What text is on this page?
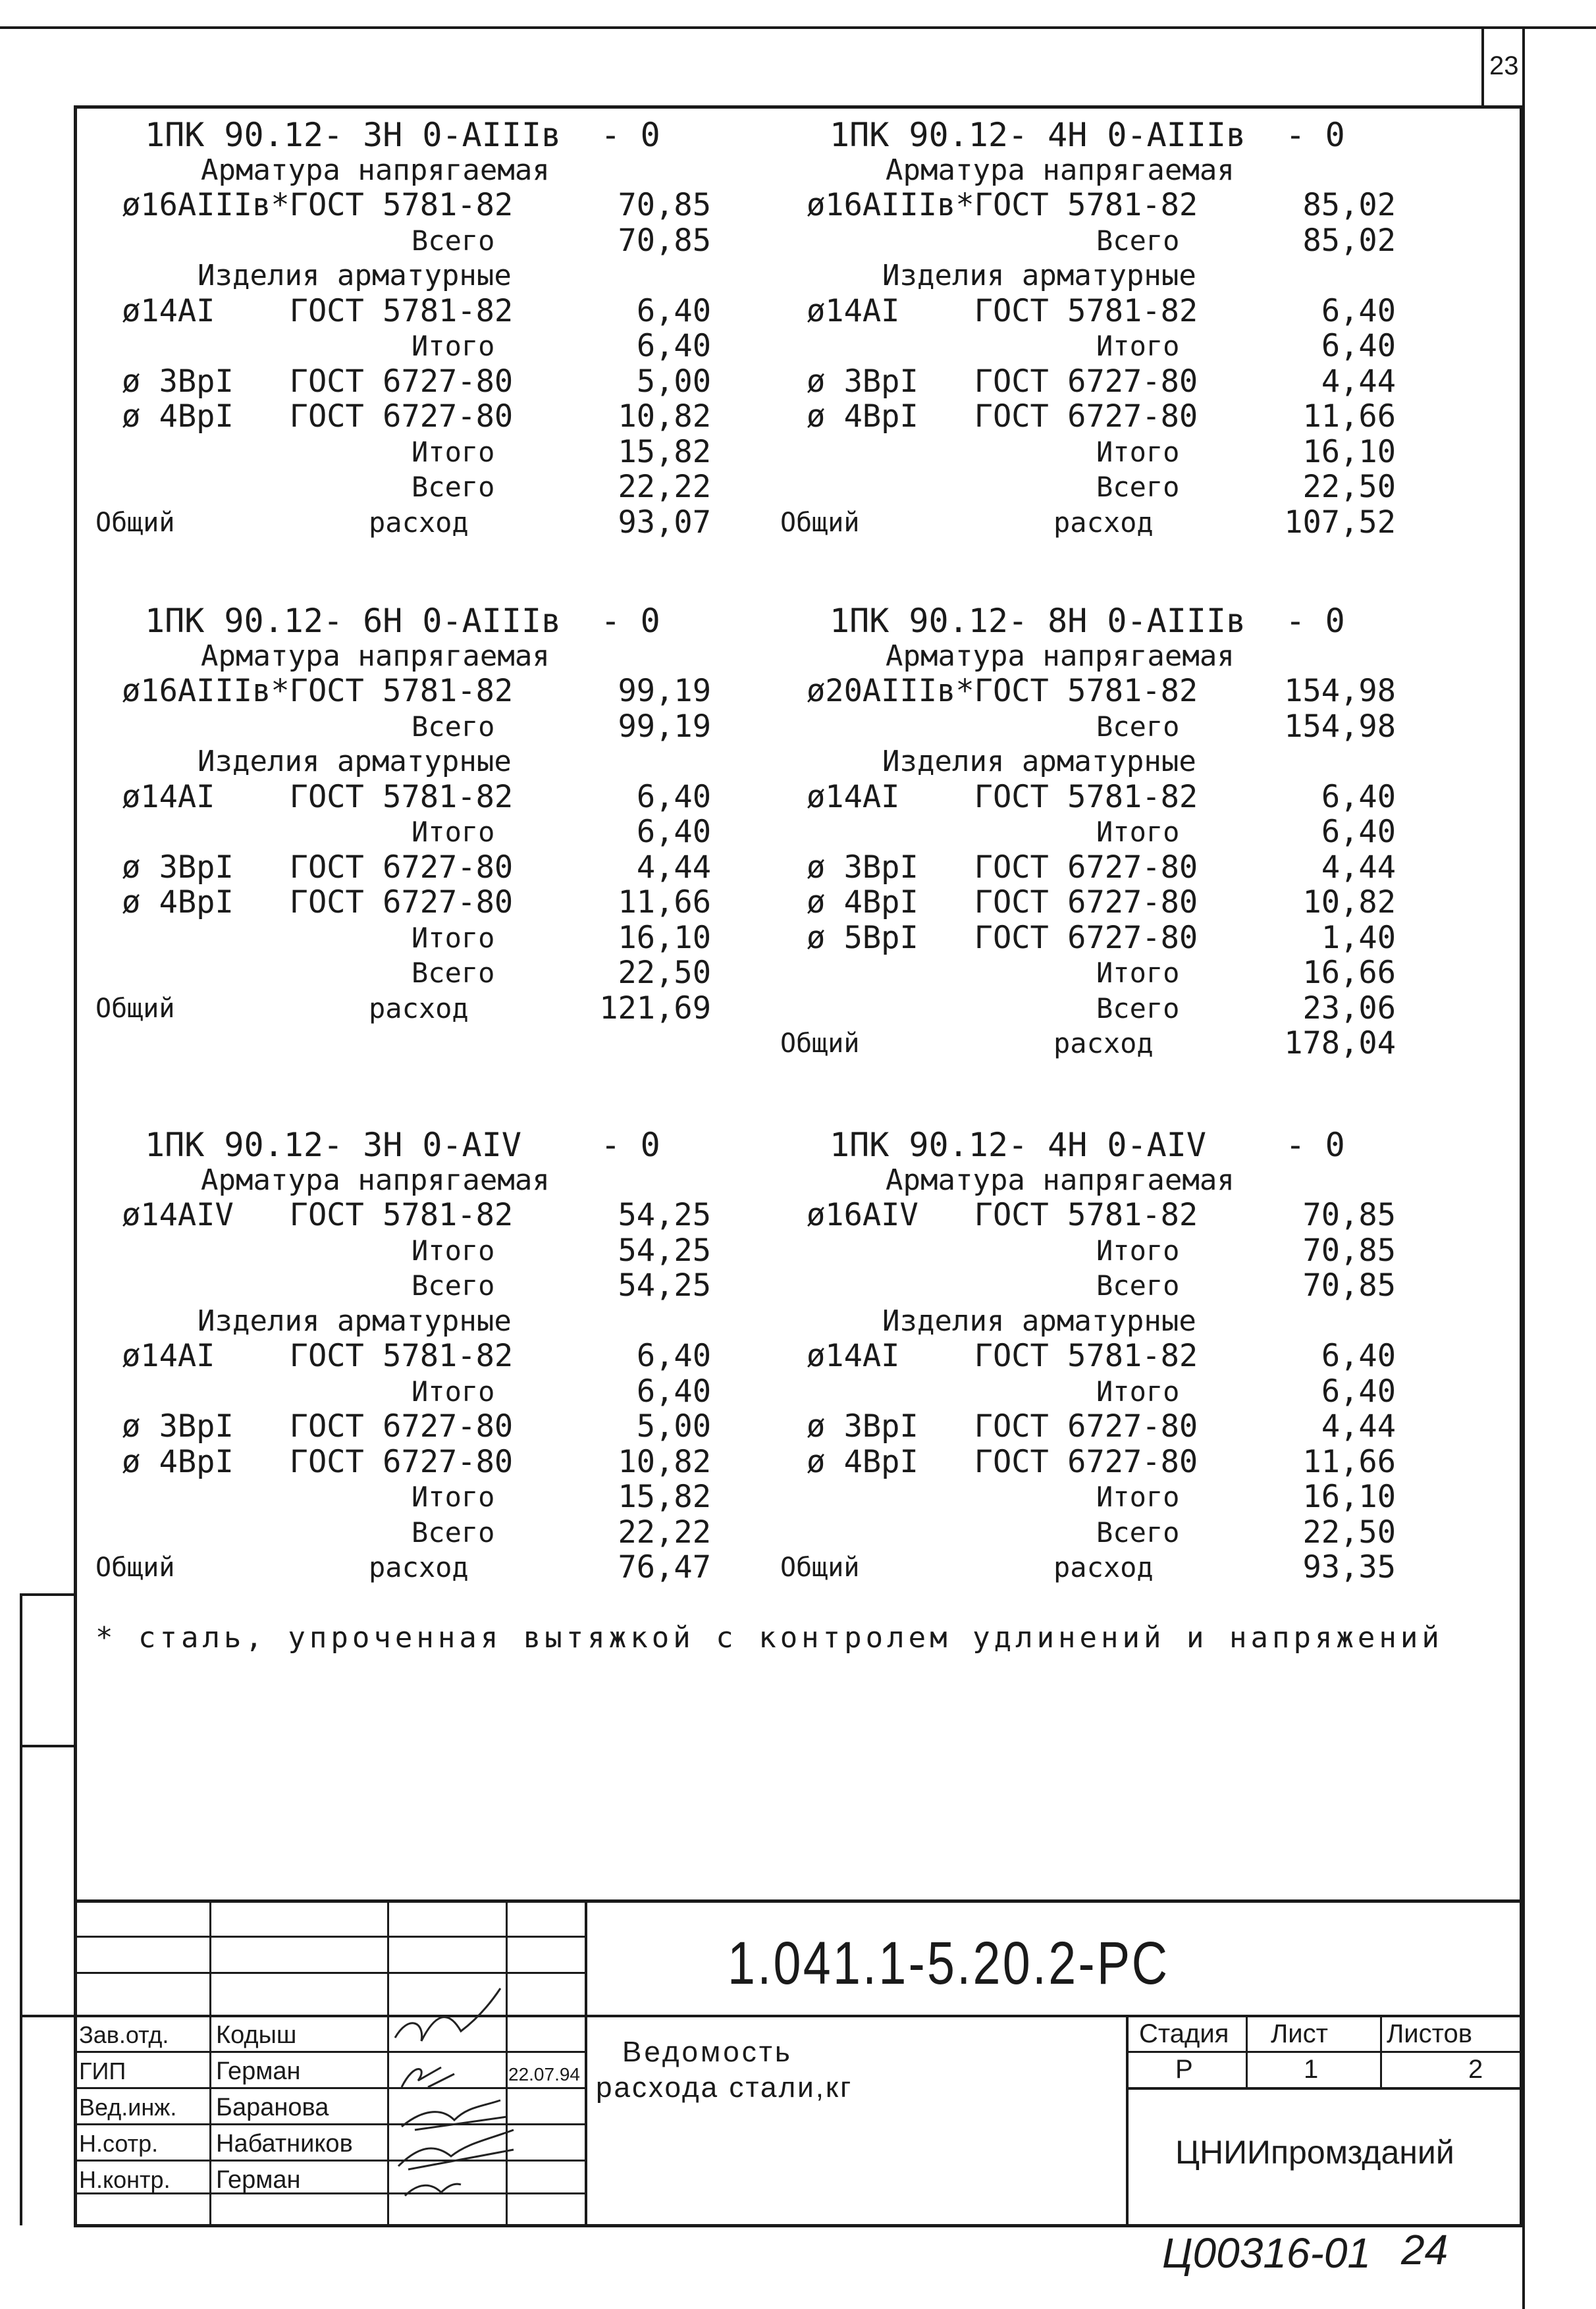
23
1ПК 90.12- 3Н 0-АIIIв  - 0
Арматура напрягаемая
ø16АIIIв*ГОСТ 5781-82	70,85
Всего	70,85
Изделия арматурные
ø14АI    ГОСТ 5781-82	6,40
Итого	6,40
ø 3ВрI   ГОСТ 6727-80	5,00
ø 4ВрI   ГОСТ 6727-80	10,82
Итого	15,82
Всего	22,22
Общий	расход	93,07
1ПК 90.12- 4Н 0-АIIIв  - 0
Арматура напрягаемая
ø16АIIIв*ГОСТ 5781-82	85,02
Всего	85,02
Изделия арматурные
ø14АI    ГОСТ 5781-82	6,40
Итого	6,40
ø 3ВрI   ГОСТ 6727-80	4,44
ø 4ВрI   ГОСТ 6727-80	11,66
Итого	16,10
Всего	22,50
Общий	расход	107,52
1ПК 90.12- 6Н 0-АIIIв  - 0
Арматура напрягаемая
ø16АIIIв*ГОСТ 5781-82	99,19
Всего	99,19
Изделия арматурные
ø14АI    ГОСТ 5781-82	6,40
Итого	6,40
ø 3ВрI   ГОСТ 6727-80	4,44
ø 4ВрI   ГОСТ 6727-80	11,66
Итого	16,10
Всего	22,50
Общий	расход	121,69
1ПК 90.12- 8Н 0-АIIIв  - 0
Арматура напрягаемая
ø20АIIIв*ГОСТ 5781-82	154,98
Всего	154,98
Изделия арматурные
ø14АI    ГОСТ 5781-82	6,40
Итого	6,40
ø 3ВрI   ГОСТ 6727-80	4,44
ø 4ВрI   ГОСТ 6727-80	10,82
ø 5ВрI   ГОСТ 6727-80	1,40
Итого	16,66
Всего	23,06
Общий	расход	178,04
1ПК 90.12- 3Н 0-АIV    - 0
Арматура напрягаемая
ø14АIV   ГОСТ 5781-82	54,25
Итого	54,25
Всего	54,25
Изделия арматурные
ø14АI    ГОСТ 5781-82	6,40
Итого	6,40
ø 3ВрI   ГОСТ 6727-80	5,00
ø 4ВрI   ГОСТ 6727-80	10,82
Итого	15,82
Всего	22,22
Общий	расход	76,47
1ПК 90.12- 4Н 0-АIV    - 0
Арматура напрягаемая
ø16АIV   ГОСТ 5781-82	70,85
Итого	70,85
Всего	70,85
Изделия арматурные
ø14АI    ГОСТ 5781-82	6,40
Итого	6,40
ø 3ВрI   ГОСТ 6727-80	4,44
ø 4ВрI   ГОСТ 6727-80	11,66
Итого	16,10
Всего	22,50
Общий	расход	93,35
* сталь, упроченная вытяжкой с контролем удлинений и напряжений
1.041.1-5.20.2-РС
Зав.отд. Кодыш
ГИП	Герман
Вед.инж. Баранова
Н.сотр. Набатников
Н.контр. Герман
22.07.94
Ведомость
расхода стали,кг
Стадия Лист Листов
Р	1	2
ЦНИИпромзданий
Ц00316-01 24
